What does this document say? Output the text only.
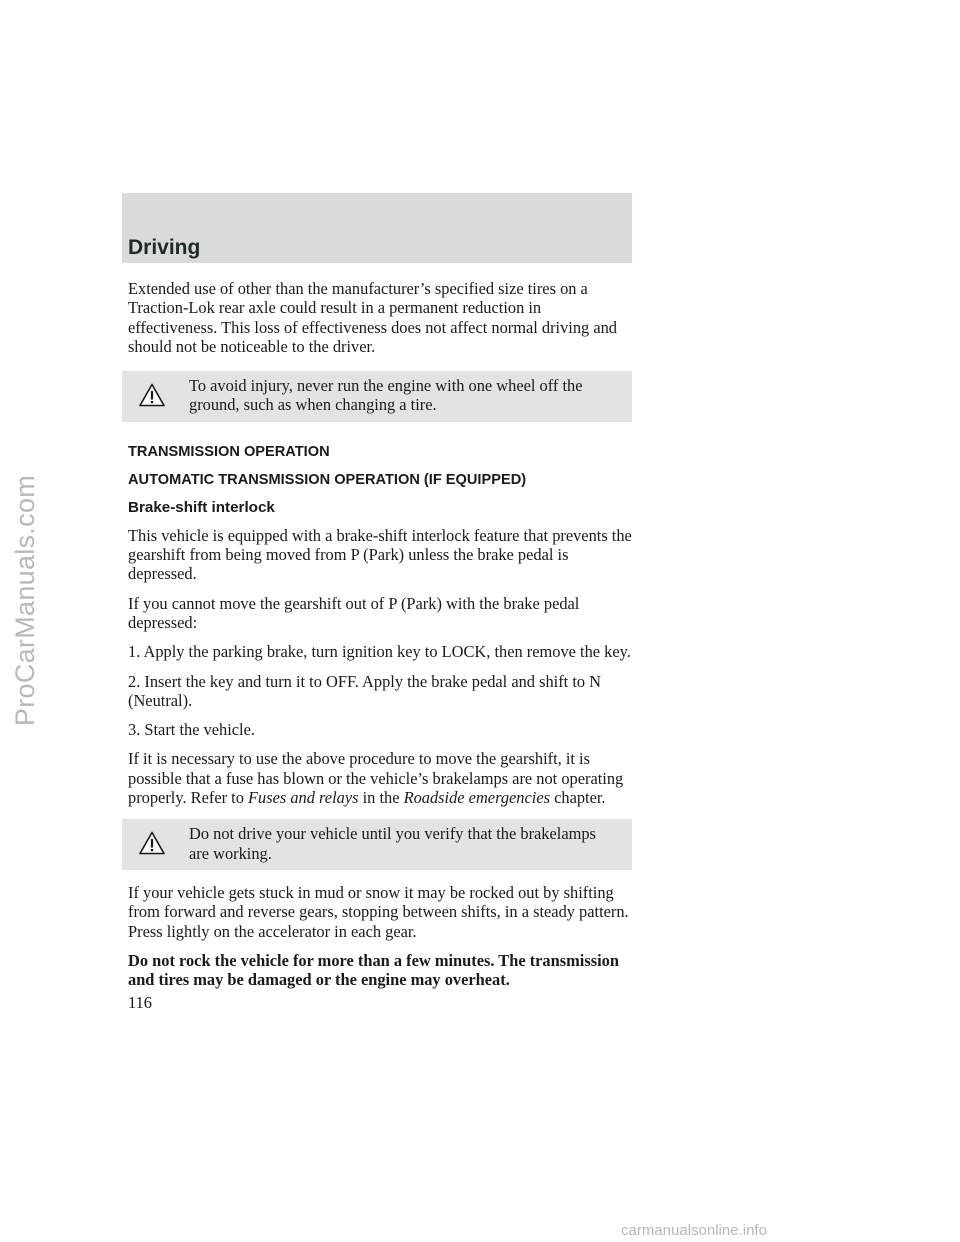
Driving

Extended use of other than the manufacturer’s specified size tires on a Traction-Lok rear axle could result in a permanent reduction in effectiveness. This loss of effectiveness does not affect normal driving and should not be noticeable to the driver.

To avoid injury, never run the engine with one wheel off the ground, such as when changing a tire.

TRANSMISSION OPERATION

AUTOMATIC TRANSMISSION OPERATION (IF EQUIPPED)

Brake-shift interlock

This vehicle is equipped with a brake-shift interlock feature that prevents the gearshift from being moved from P (Park) unless the brake pedal is depressed.

If you cannot move the gearshift out of P (Park) with the brake pedal depressed:

1. Apply the parking brake, turn ignition key to LOCK, then remove the key.

2. Insert the key and turn it to OFF. Apply the brake pedal and shift to N (Neutral).

3. Start the vehicle.

If it is necessary to use the above procedure to move the gearshift, it is possible that a fuse has blown or the vehicle’s brakelamps are not operating properly. Refer to Fuses and relays in the Roadside emergencies chapter.

Do not drive your vehicle until you verify that the brakelamps are working.

If your vehicle gets stuck in mud or snow it may be rocked out by shifting from forward and reverse gears, stopping between shifts, in a steady pattern. Press lightly on the accelerator in each gear.

Do not rock the vehicle for more than a few minutes. The transmission and tires may be damaged or the engine may overheat.

116
ProCarManuals.com
carmanualsonline.info
